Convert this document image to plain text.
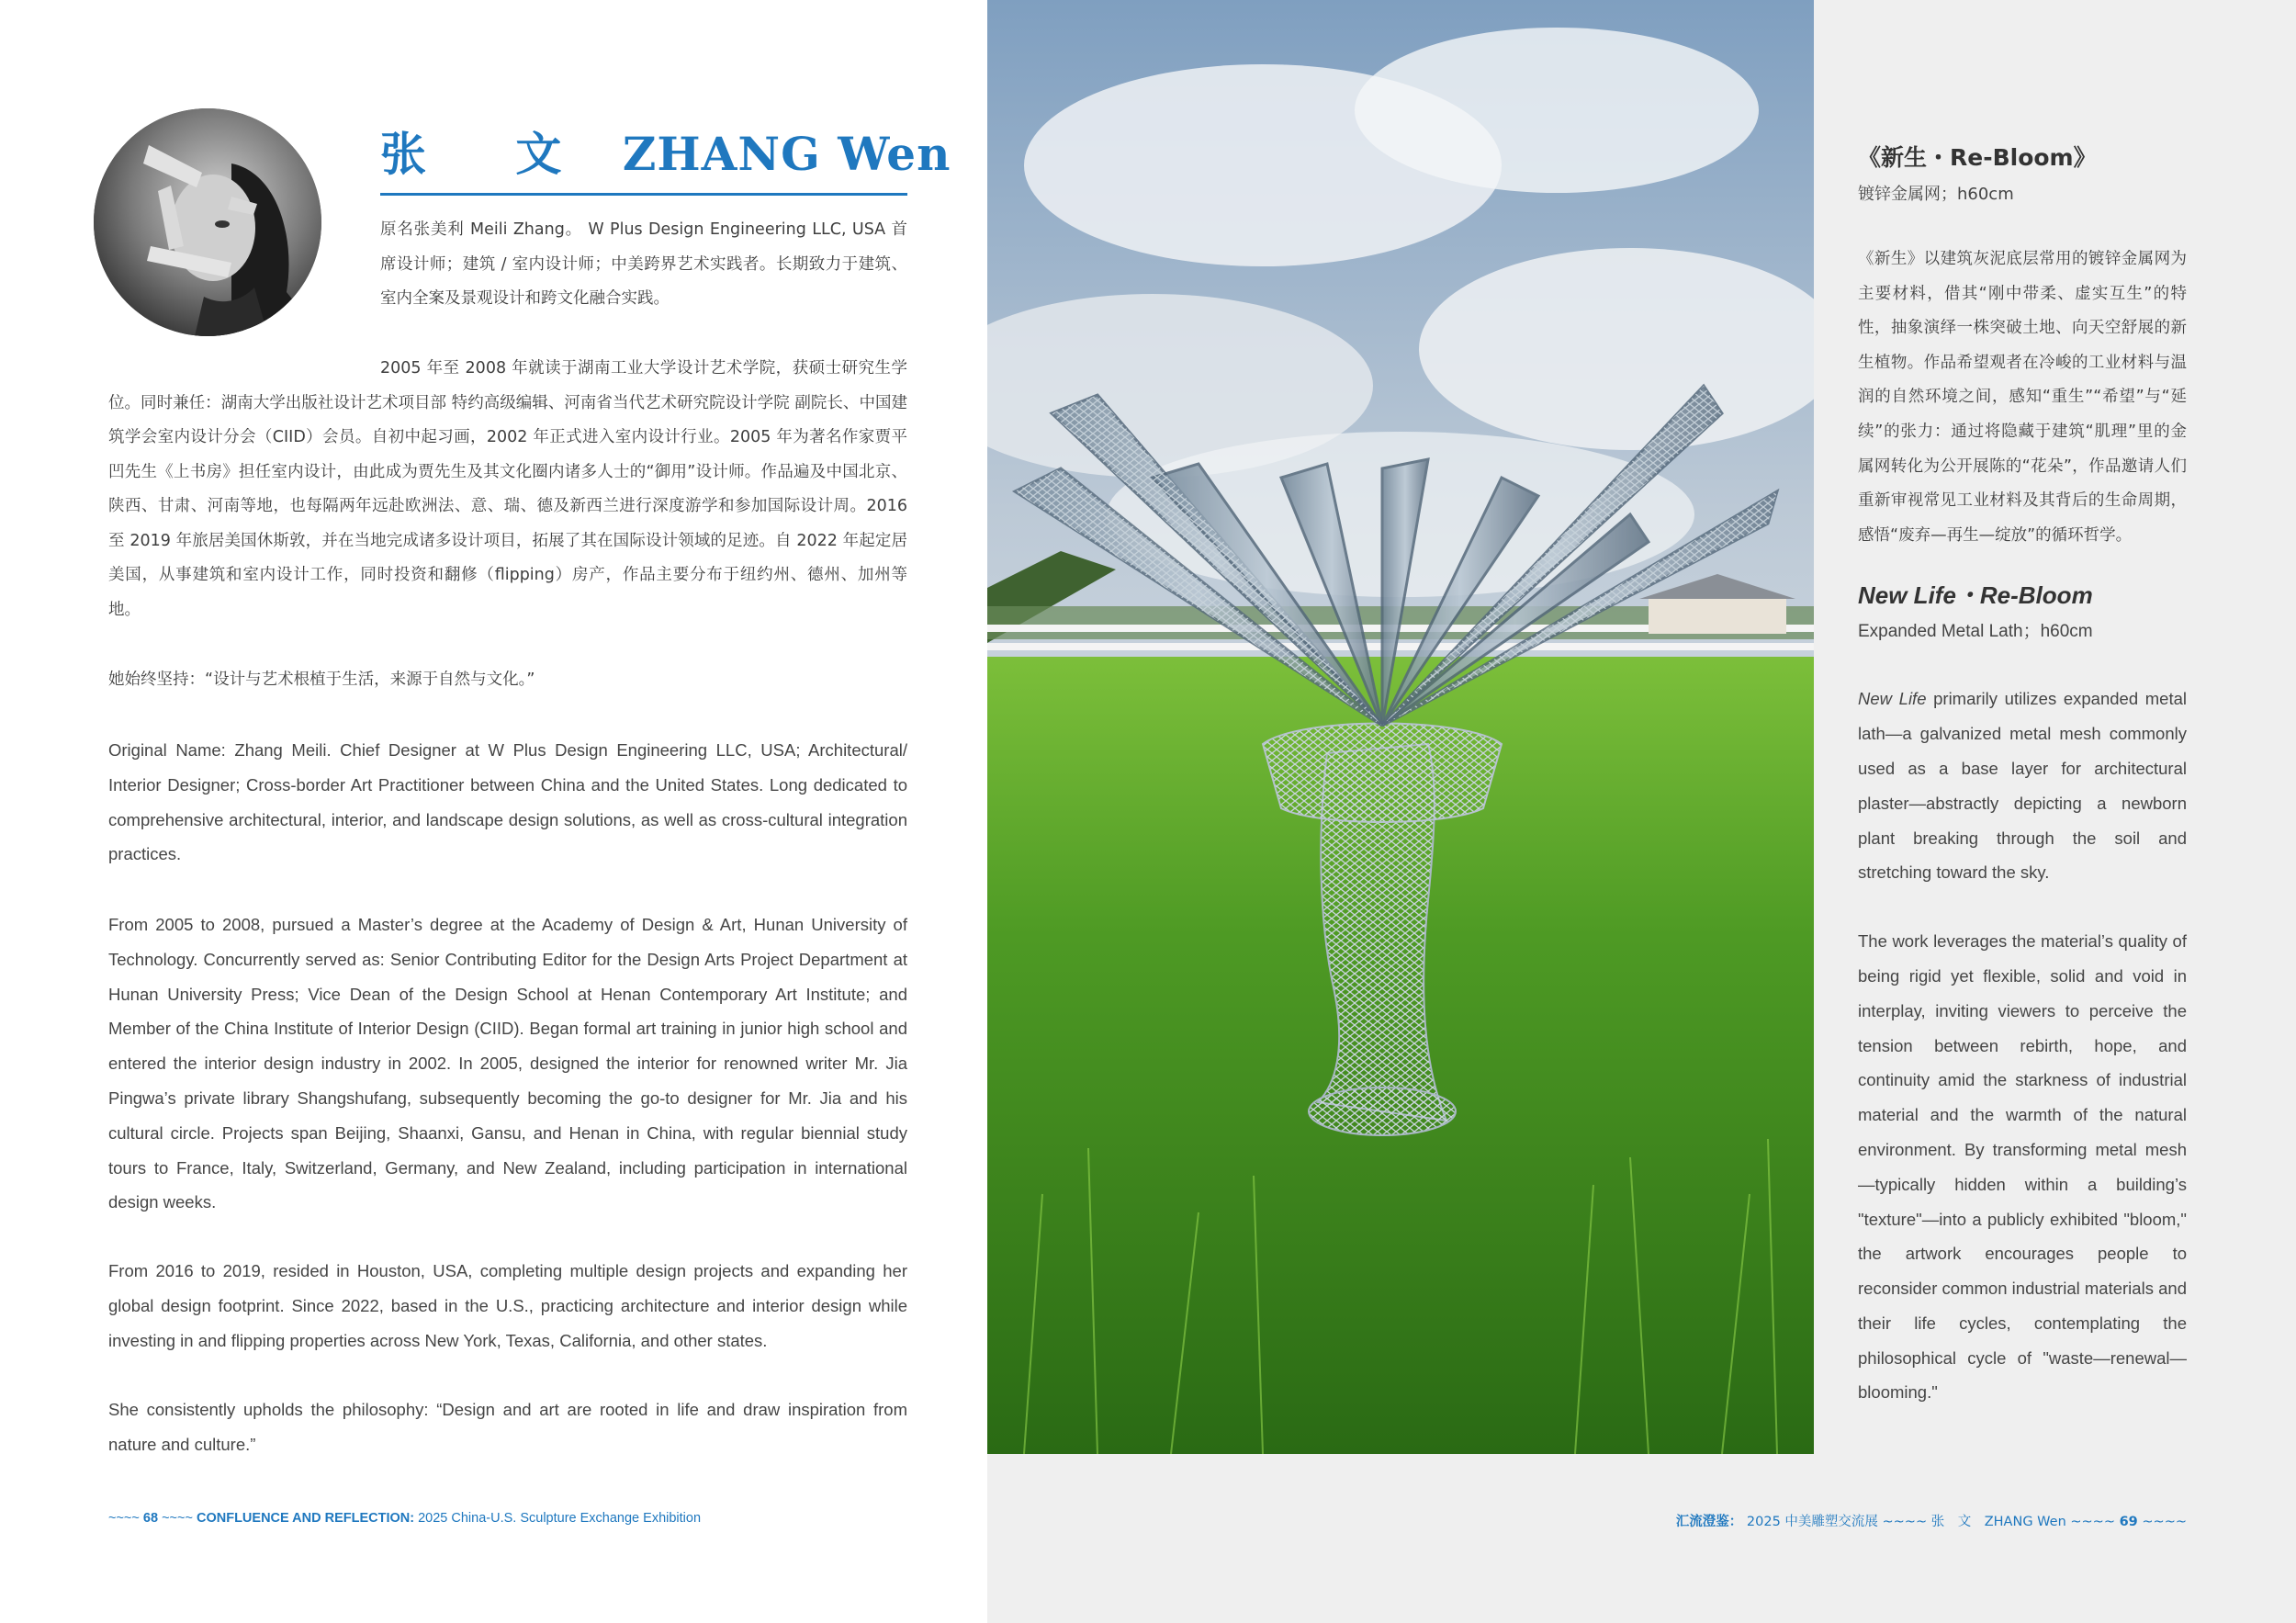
张 文 ZHANG Wen

原名张美利 Meili Zhang。 W Plus Design Engineering LLC, USA 首席设计师；建筑 / 室内设计师；中美跨界艺术实践者。长期致力于建筑、室内全案及景观设计和跨文化融合实践。

2005 年至 2008 年就读于湖南工业大学设计艺术学院，获硕士研究生学位。同时兼任：湖南大学出版社设计艺术项目部 特约高级编辑、河南省当代艺术研究院设计学院 副院长、中国建筑学会室内设计分会（CIID）会员。自初中起习画，2002 年正式进入室内设计行业。2005 年为著名作家贾平凹先生《上书房》担任室内设计，由此成为贾先生及其文化圈内诸多人士的“御用”设计师。作品遍及中国北京、陕西、甘肃、河南等地，也每隔两年远赴欧洲法、意、瑞、德及新西兰进行深度游学和参加国际设计周。2016 至 2019 年旅居美国休斯敦，并在当地完成诸多设计项目，拓展了其在国际设计领域的足迹。自 2022 年起定居美国，从事建筑和室内设计工作，同时投资和翻修（flipping）房产，作品主要分布于纽约州、德州、加州等地。

她始终坚持：“设计与艺术根植于生活，来源于自然与文化。”

Original Name: Zhang Meili. Chief Designer at W Plus Design Engineering LLC, USA; Architectural/ Interior Designer; Cross-border Art Practitioner between China and the United States. Long dedicated to comprehensive architectural, interior, and landscape design solutions, as well as cross-cultural integration practices.

From 2005 to 2008, pursued a Master’s degree at the Academy of Design & Art, Hunan University of Technology. Concurrently served as: Senior Contributing Editor for the Design Arts Project Department at Hunan University Press; Vice Dean of the Design School at Henan Contemporary Art Institute; and Member of the China Institute of Interior Design (CIID). Began formal art training in junior high school and entered the interior design industry in 2002. In 2005, designed the interior for renowned writer Mr. Jia Pingwa’s private library Shangshufang, subsequently becoming the go-to designer for Mr. Jia and his cultural circle. Projects span Beijing, Shaanxi, Gansu, and Henan in China, with regular biennial study tours to France, Italy, Switzerland, Germany, and New Zealand, including participation in international design weeks.

From 2016 to 2019, resided in Houston, USA, completing multiple design projects and expanding her global design footprint. Since 2022, based in the U.S., practicing architecture and interior design while investing in and flipping properties across New York, Texas, California, and other states.

She consistently upholds the philosophy: “Design and art are rooted in life and draw inspiration from nature and culture.”

~~~~ 68 ~~~~ CONFLUENCE AND REFLECTION: 2025 China-U.S. Sculpture Exchange Exhibition
《新生・Re-Bloom》

镀锌金属网；h60cm

《新生》以建筑灰泥底层常用的镀锌金属网为主要材料，借其“刚中带柔、虚实互生”的特性，抽象演绎一株突破土地、向天空舒展的新生植物。作品希望观者在冷峻的工业材料与温润的自然环境之间，感知“重生”“希望”与“延续”的张力：通过将隐藏于建筑“肌理”里的金属网转化为公开展陈的“花朵”，作品邀请人们重新审视常见工业材料及其背后的生命周期，感悟“废弃—再生—绽放”的循环哲学。

New Life・Re-Bloom

Expanded Metal Lath；h60cm

New Life primarily utilizes expanded metal lath—a galvanized metal mesh commonly used as a base layer for architectural plaster—abstractly depicting a newborn plant breaking through the soil and stretching toward the sky.

The work leverages the material’s quality of being rigid yet flexible, solid and void in interplay, inviting viewers to perceive the tension between rebirth, hope, and continuity amid the starkness of industrial material and the warmth of the natural environment. By transforming metal mesh—typically hidden within a building’s "texture"—into a publicly exhibited "bloom," the artwork encourages people to reconsider common industrial materials and their life cycles, contemplating the philosophical cycle of "waste—renewal—blooming."

汇流澄鉴： 2025 中美雕塑交流展 ~~~~ 张　文　ZHANG Wen ~~~~ 69 ~~~~
